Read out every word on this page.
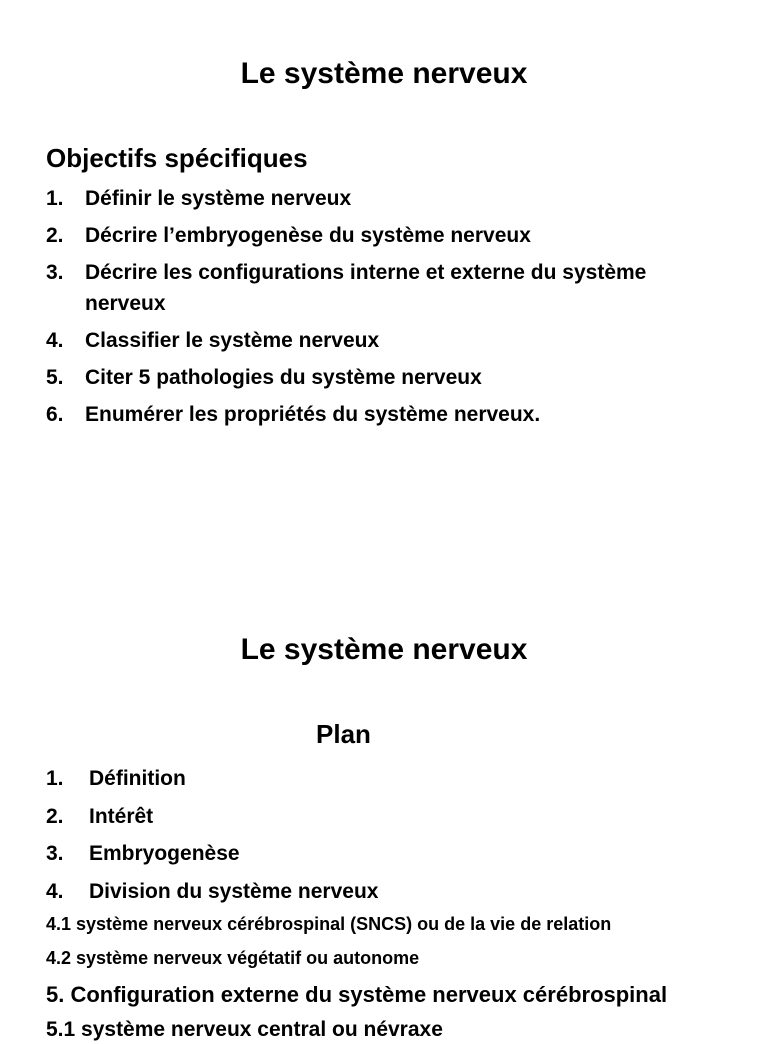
Le système nerveux
Objectifs spécifiques
1. Définir le système nerveux
2. Décrire l’embryogenèse du système nerveux
3. Décrire les configurations interne et externe du système nerveux
4. Classifier le système nerveux
5. Citer 5 pathologies du système nerveux
6. Enumérer les propriétés du système nerveux.
Le système nerveux
Plan
1. Définition
2. Intérêt
3. Embryogenèse
4. Division du système nerveux
4.1 système nerveux cérébrospinal (SNCS) ou de la vie de relation
4.2 système nerveux végétatif ou autonome
5. Configuration externe du système nerveux cérébrospinal
5.1 système nerveux central ou névraxe
